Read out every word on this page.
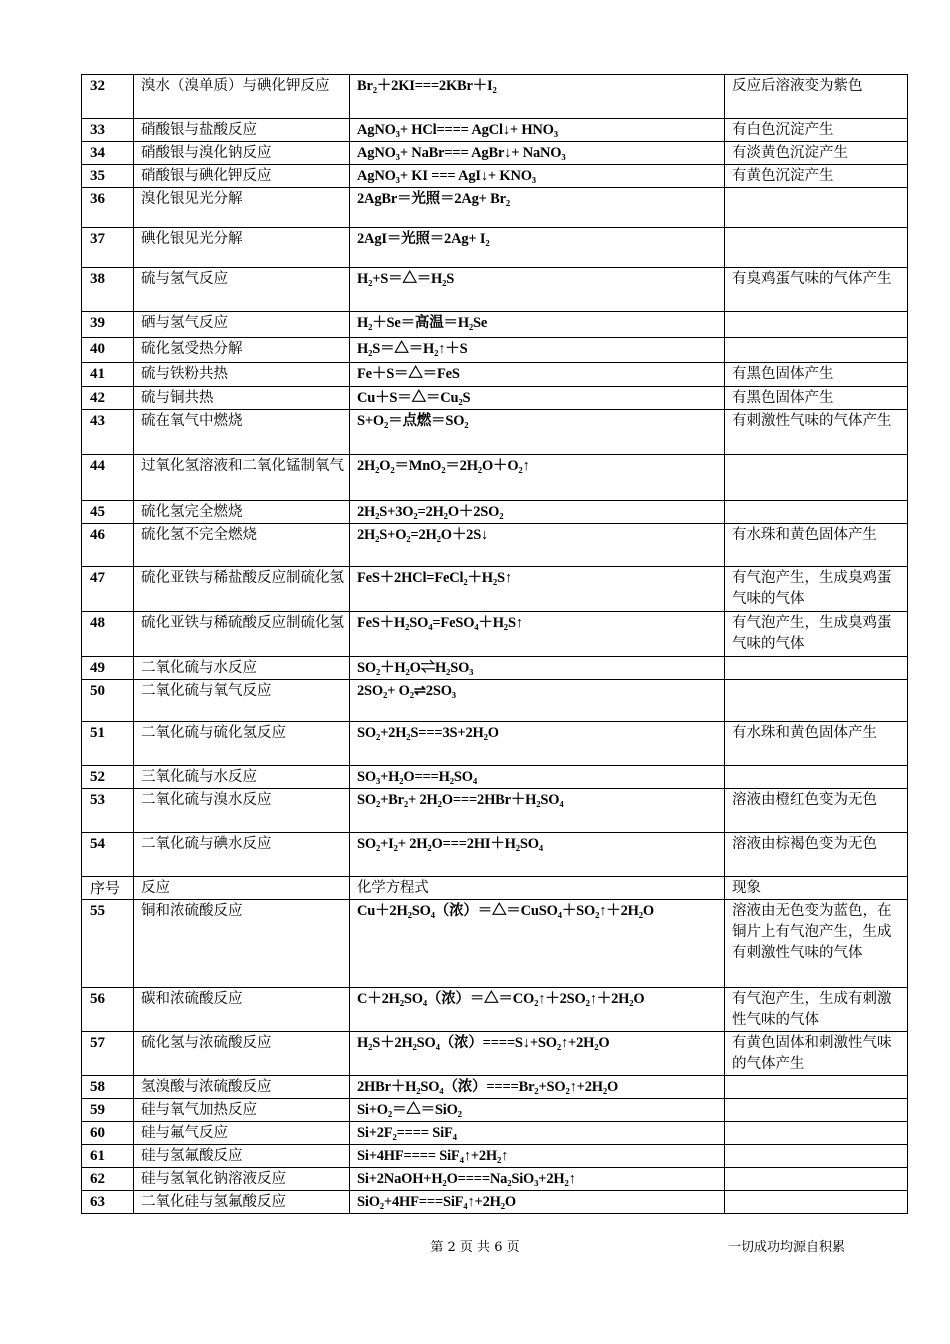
32	溴水（溴单质）与碘化钾反应	Br₂＋2KI===2KBr＋I₂	反应后溶液变为紫色
33	硝酸银与盐酸反应	AgNO₃+ HCl==== AgCl↓+ HNO₃	有白色沉淀产生
34	硝酸银与溴化钠反应	AgNO₃+ NaBr=== AgBr↓+ NaNO₃	有淡黄色沉淀产生
35	硝酸银与碘化钾反应	AgNO₃+ KI === AgI↓+ KNO₃	有黄色沉淀产生
36	溴化银见光分解	2AgBr＝光照＝2Ag+ Br₂	
37	碘化银见光分解	2AgI＝光照＝2Ag+ I₂	
38	硫与氢气反应	H₂+S＝△＝H₂S	有臭鸡蛋气味的气体产生
39	硒与氢气反应	H₂＋Se＝高温＝H₂Se	
40	硫化氢受热分解	H₂S＝△＝H₂↑＋S	
41	硫与铁粉共热	Fe＋S＝△＝FeS	有黑色固体产生
42	硫与铜共热	Cu＋S＝△＝Cu₂S	有黑色固体产生
43	硫在氧气中燃烧	S+O₂＝点燃＝SO₂	有刺激性气味的气体产生
44	过氧化氢溶液和二氧化锰制氧气	2H₂O₂＝MnO₂＝2H₂O＋O₂↑	
45	硫化氢完全燃烧	2H₂S+3O₂=2H₂O＋2SO₂	
46	硫化氢不完全燃烧	2H₂S+O₂=2H₂O＋2S↓	有水珠和黄色固体产生
47	硫化亚铁与稀盐酸反应制硫化氢	FeS＋2HCl=FeCl₂＋H₂S↑	有气泡产生，生成臭鸡蛋气味的气体
48	硫化亚铁与稀硫酸反应制硫化氢	FeS＋H₂SO₄=FeSO₄＋H₂S↑	有气泡产生，生成臭鸡蛋气味的气体
49	二氧化硫与水反应	SO₂＋H₂O⇌H₂SO₃	
50	二氧化硫与氧气反应	2SO₂+ O₂⇌2SO₃	
51	二氧化硫与硫化氢反应	SO₂+2H₂S===3S+2H₂O	有水珠和黄色固体产生
52	三氧化硫与水反应	SO₃+H₂O===H₂SO₄	
53	二氧化硫与溴水反应	SO₂+Br₂+ 2H₂O===2HBr＋H₂SO₄	溶液由橙红色变为无色
54	二氧化硫与碘水反应	SO₂+I₂+ 2H₂O===2HI＋H₂SO₄	溶液由棕褐色变为无色
序号	反应	化学方程式	现象
55	铜和浓硫酸反应	Cu＋2H₂SO₄（浓）＝△＝CuSO₄＋SO₂↑＋2H₂O	溶液由无色变为蓝色，在铜片上有气泡产生，生成有刺激性气味的气体
56	碳和浓硫酸反应	C＋2H₂SO₄（浓）＝△＝CO₂↑＋2SO₂↑＋2H₂O	有气泡产生，生成有刺激性气味的气体
57	硫化氢与浓硫酸反应	H₂S＋2H₂SO₄（浓）====S↓+SO₂↑+2H₂O	有黄色固体和刺激性气味的气体产生
58	氢溴酸与浓硫酸反应	2HBr＋H₂SO₄（浓）====Br₂+SO₂↑+2H₂O	
59	硅与氧气加热反应	Si+O₂＝△＝SiO₂	
60	硅与氟气反应	Si+2F₂==== SiF₄	
61	硅与氢氟酸反应	Si+4HF==== SiF₄↑+2H₂↑	
62	硅与氢氧化钠溶液反应	Si+2NaOH+H₂O====Na₂SiO₃+2H₂↑	
63	二氧化硅与氢氟酸反应	SiO₂+4HF===SiF₄↑+2H₂O	
第 2 页 共 6 页	一切成功均源自积累
